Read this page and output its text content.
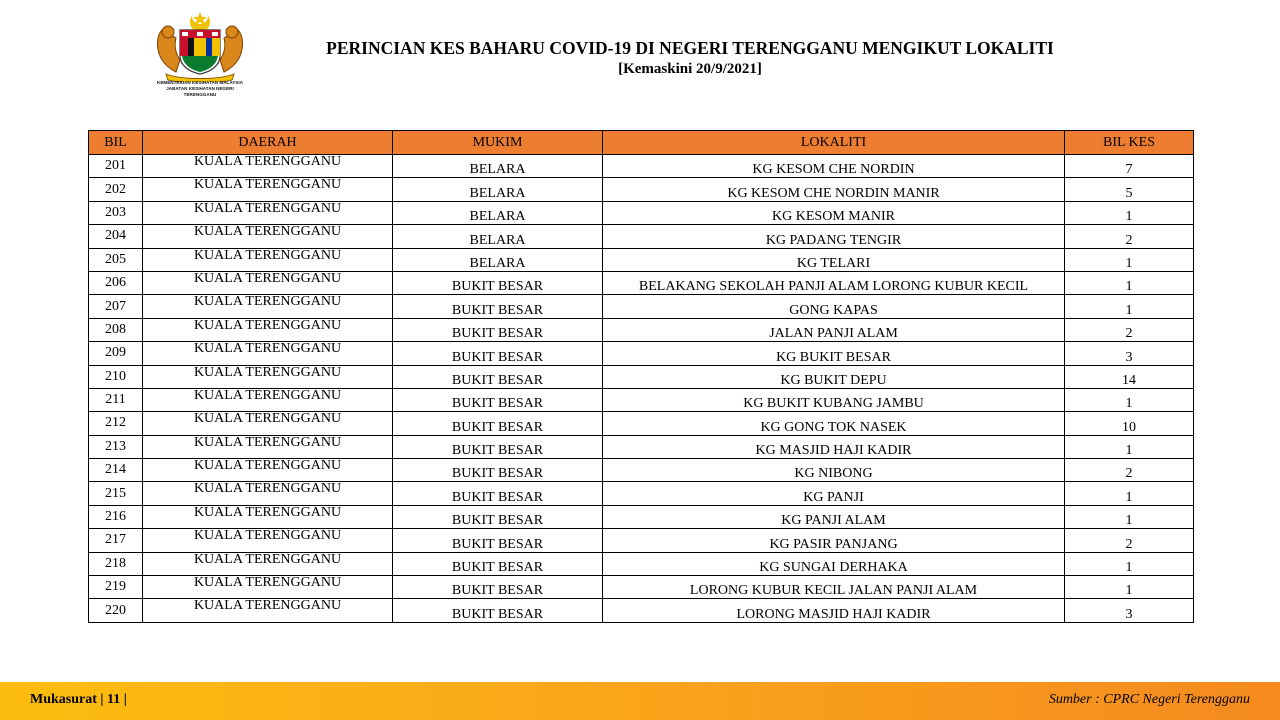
KEMENTERIAN KESIHATAN MALAYSIA
JABATAN KESIHATAN NEGERI TERENGGANU
PERINCIAN KES BAHARU COVID-19 DI NEGERI TERENGGANU MENGIKUT LOKALITI
[Kemaskini 20/9/2021]
BIL	DAERAH	MUKIM	LOKALITI	BIL KES
201	KUALA TERENGGANU	BELARA	KG KESOM CHE NORDIN	7
202	KUALA TERENGGANU	BELARA	KG KESOM CHE NORDIN MANIR	5
203	KUALA TERENGGANU	BELARA	KG KESOM MANIR	1
204	KUALA TERENGGANU	BELARA	KG PADANG TENGIR	2
205	KUALA TERENGGANU	BELARA	KG TELARI	1
206	KUALA TERENGGANU	BUKIT BESAR	BELAKANG SEKOLAH PANJI ALAM LORONG KUBUR KECIL	1
207	KUALA TERENGGANU	BUKIT BESAR	GONG KAPAS	1
208	KUALA TERENGGANU	BUKIT BESAR	JALAN PANJI ALAM	2
209	KUALA TERENGGANU	BUKIT BESAR	KG BUKIT BESAR	3
210	KUALA TERENGGANU	BUKIT BESAR	KG BUKIT DEPU	14
211	KUALA TERENGGANU	BUKIT BESAR	KG BUKIT KUBANG JAMBU	1
212	KUALA TERENGGANU	BUKIT BESAR	KG GONG TOK NASEK	10
213	KUALA TERENGGANU	BUKIT BESAR	KG MASJID HAJI KADIR	1
214	KUALA TERENGGANU	BUKIT BESAR	KG NIBONG	2
215	KUALA TERENGGANU	BUKIT BESAR	KG PANJI	1
216	KUALA TERENGGANU	BUKIT BESAR	KG PANJI ALAM	1
217	KUALA TERENGGANU	BUKIT BESAR	KG PASIR PANJANG	2
218	KUALA TERENGGANU	BUKIT BESAR	KG SUNGAI DERHAKA	1
219	KUALA TERENGGANU	BUKIT BESAR	LORONG KUBUR KECIL JALAN PANJI ALAM	1
220	KUALA TERENGGANU	BUKIT BESAR	LORONG MASJID HAJI KADIR	3
Mukasurat | 11 |	Sumber : CPRC Negeri Terengganu
